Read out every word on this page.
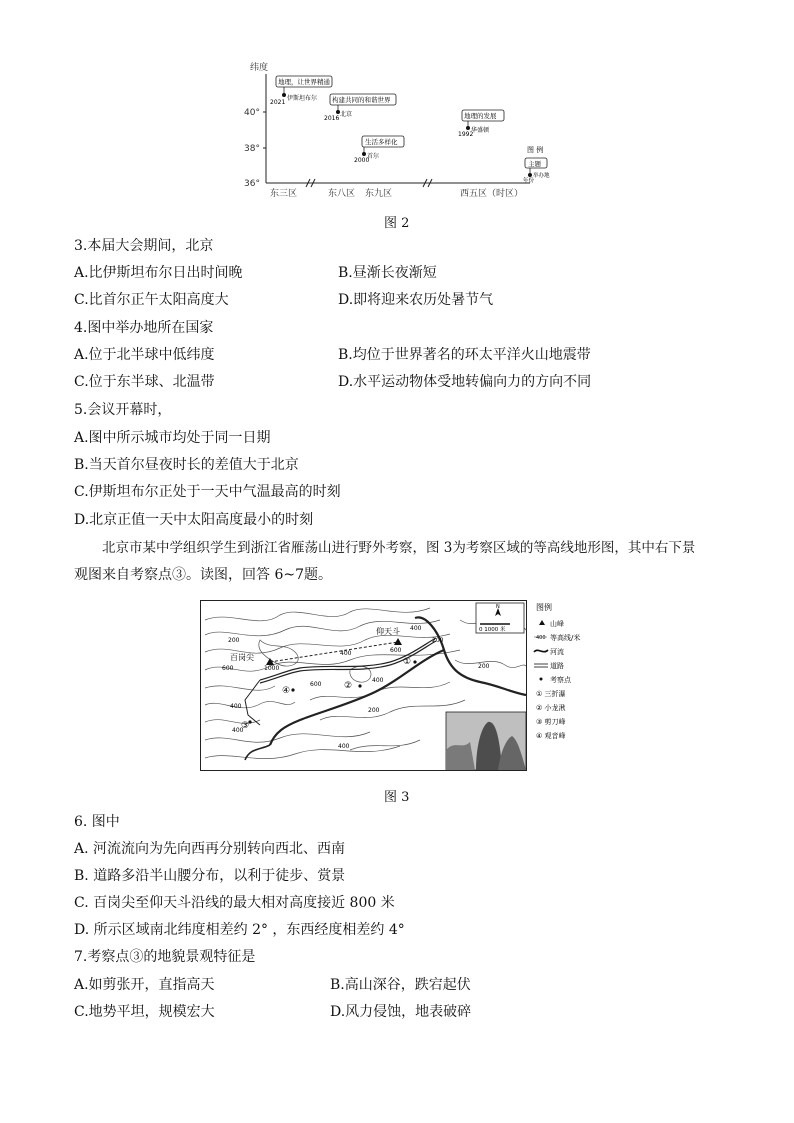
纬度
40°
38°
36°
东三区	东八区 东九区	西五区（时区）
地理，让世界精通
2021
伊斯坦布尔 构建共同的和谐世界
2016
北京
生活多样化
2000
首尔
地理的发展
1992
华盛顿
图 例
主题
年份
举办地
图 2
3.本届大会期间，北京
A.比伊斯坦布尔日出时间晚	B.昼渐长夜渐短
C.比首尔正午太阳高度大	D.即将迎来农历处暑节气
4.图中举办地所在国家
A.位于北半球中低纬度	B.均位于世界著名的环太平洋火山地震带
C.位于东半球、北温带	D.水平运动物体受地转偏向力的方向不同
5.会议开幕时，
A.图中所示城市均处于同一日期
B.当天首尔昼夜时长的差值大于北京
C.伊斯坦布尔正处于一天中气温最高的时刻
D.北京正值一天中太阳高度最小的时刻
北京市某中学组织学生到浙江省雁荡山进行野外考察，图 3为考察区域的等高线地形图，其中右下景
观图来自考察点③。读图，回答 6~7题。
百岗尖
仰天斗
200
400
600
400
600
200
400
200
400
200
400
600
1000
400
①
②
③
④
N
0 1000 米
图例
山峰
400 等高线/米
河流
道路
考察点
① 三折瀑
② 小龙湫
③ 剪刀峰
④ 观音峰
图 3
6. 图中
A. 河流流向为先向西再分别转向西北、西南
B. 道路多沿半山腰分布，以利于徒步、赏景
C. 百岗尖至仰天斗沿线的最大相对高度接近 800 米
D. 所示区域南北纬度相差约 2° ，东西经度相差约 4°
7.考察点③的地貌景观特征是
A.如剪张开，直指高天	B.高山深谷，跌宕起伏
C.地势平坦，规模宏大	D.风力侵蚀，地表破碎
